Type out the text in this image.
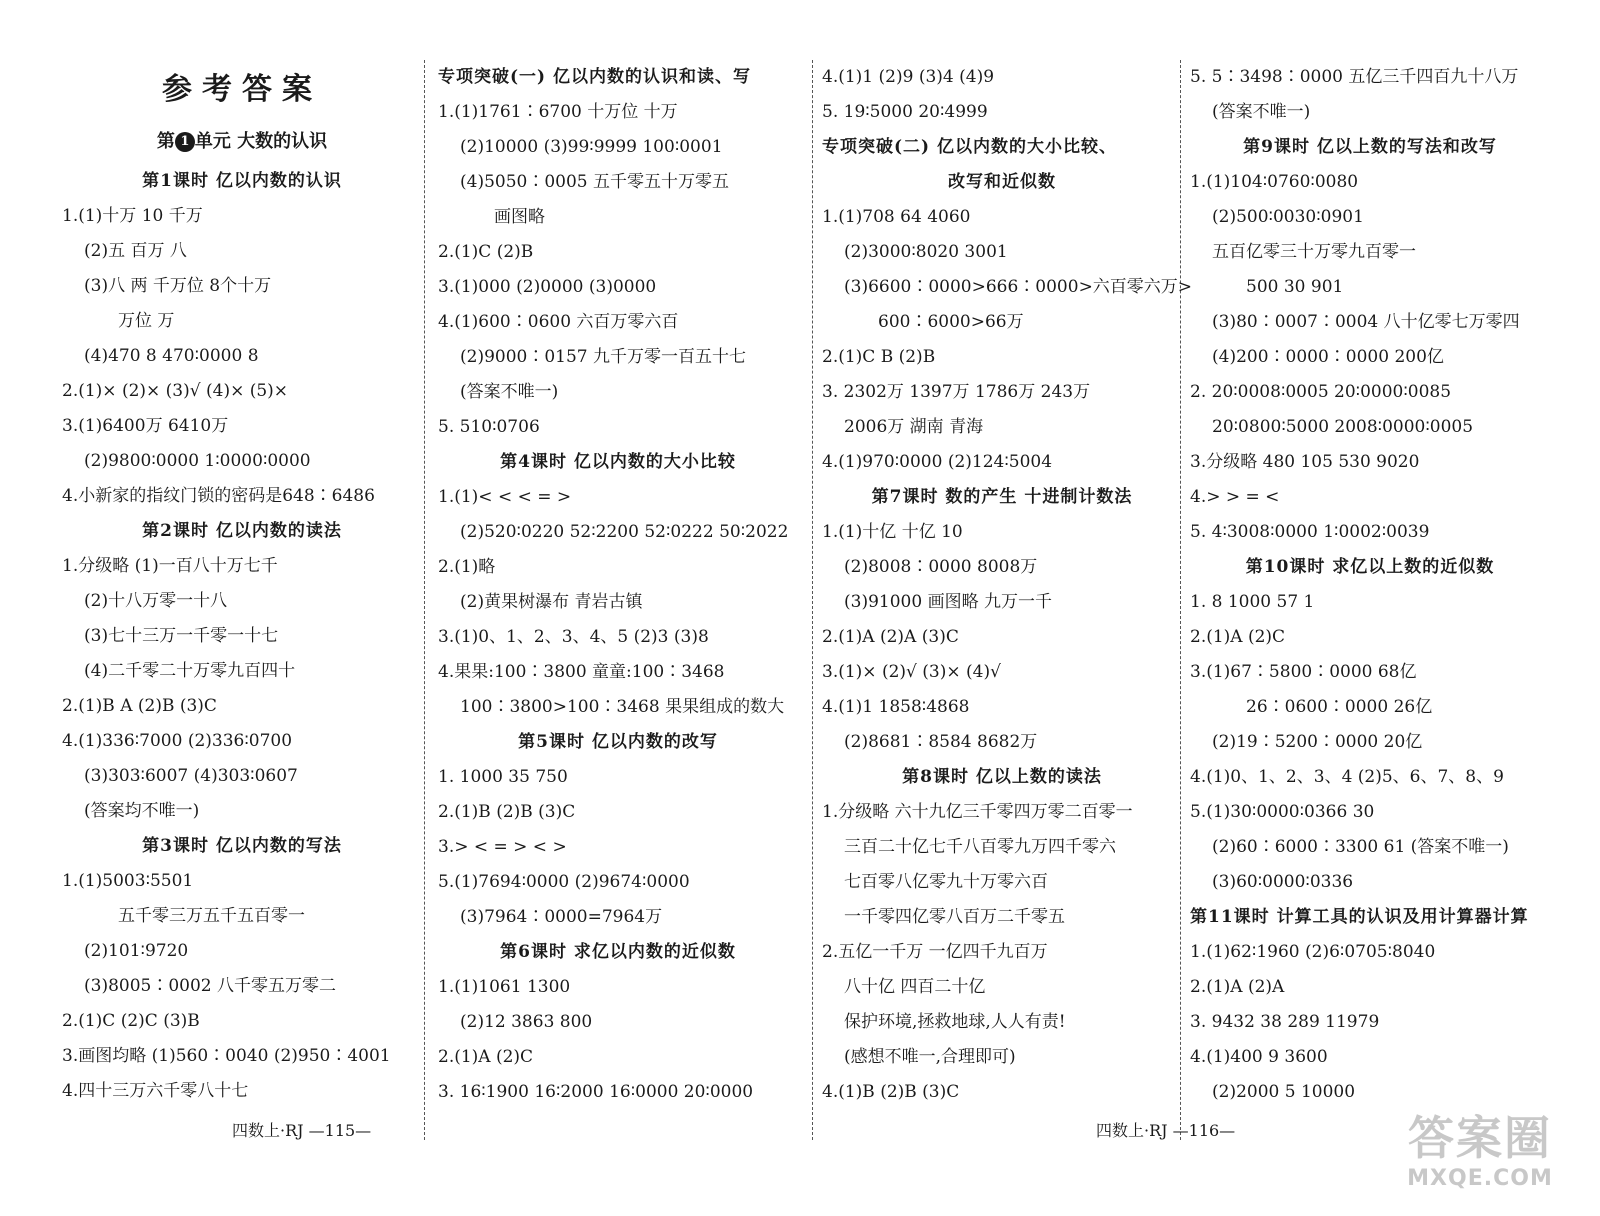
参考答案
第 1 单元 大数的认识
第1课时 亿以内数的认识
1.(1)十万 10 千万
(2)五 百万 八
(3)八 两 千万位 8个十万
万位 万
(4)470 8 470∶0000 8
2.(1)× (2)× (3)√ (4)× (5)×
3.(1)6400万 6410万
(2)9800∶0000 1∶0000∶0000
4.小新家的指纹门锁的密码是648∶6486
第2课时 亿以内数的读法
1.分级略 (1)一百八十万七千
(2)十八万零一十八
(3)七十三万一千零一十七
(4)二千零二十万零九百四十
2.(1)B A (2)B (3)C
4.(1)336∶7000 (2)336∶0700
(3)303∶6007 (4)303∶0607
(答案均不唯一)
第3课时 亿以内数的写法
1.(1)5003∶5501
五千零三万五千五百零一
(2)101∶9720
(3)8005∶0002 八千零五万零二
2.(1)C (2)C (3)B
3.画图均略 (1)560∶0040 (2)950∶4001
4.四十三万六千零八十七
专项突破(一) 亿以内数的认识和读、写
1.(1)1761∶6700 十万位 十万
(2)10000 (3)99∶9999 100∶0001
(4)5050∶0005 五千零五十万零五
画图略
2.(1)C (2)B
3.(1)000 (2)0000 (3)0000
4.(1)600∶0600 六百万零六百
(2)9000∶0157 九千万零一百五十七
(答案不唯一)
5. 510∶0706
第4课时 亿以内数的大小比较
1.(1)< < < = >
(2)520∶0220 52∶2200 52∶0222 50∶2022
2.(1)略
(2)黄果树瀑布 青岩古镇
3.(1)0、1、2、3、4、5 (2)3 (3)8
4.果果:100∶3800 童童:100∶3468
100∶3800>100∶3468 果果组成的数大
第5课时 亿以内数的改写
1. 1000 35 750
2.(1)B (2)B (3)C
3.> < = > < >
5.(1)7694∶0000 (2)9674∶0000
(3)7964∶0000=7964万
第6课时 求亿以内数的近似数
1.(1)1061 1300
(2)12 3863 800
2.(1)A (2)C
3. 16∶1900 16∶2000 16∶0000 20∶0000
4.(1)1 (2)9 (3)4 (4)9
5. 19∶5000 20∶4999
专项突破(二) 亿以内数的大小比较、
改写和近似数
1.(1)708 64 4060
(2)3000∶8020 3001
(3)6600∶0000>666∶0000>六百零六万>
600∶6000>66万
2.(1)C B (2)B
3. 2302万 1397万 1786万 243万
2006万 湖南 青海
4.(1)970∶0000 (2)124∶5004
第7课时 数的产生 十进制计数法
1.(1)十亿 十亿 10
(2)8008∶0000 8008万
(3)91000 画图略 九万一千
2.(1)A (2)A (3)C
3.(1)× (2)√ (3)× (4)√
4.(1)1 1858∶4868
(2)8681∶8584 8682万
第8课时 亿以上数的读法
1.分级略 六十九亿三千零四万零二百零一
三百二十亿七千八百零九万四千零六
七百零八亿零九十万零六百
一千零四亿零八百万二千零五
2.五亿一千万 一亿四千九百万
八十亿 四百二十亿
保护环境,拯救地球,人人有责!
(感想不唯一,合理即可)
4.(1)B (2)B (3)C
5. 5∶3498∶0000 五亿三千四百九十八万
(答案不唯一)
第9课时 亿以上数的写法和改写
1.(1)104∶0760∶0080
(2)500∶0030∶0901
五百亿零三十万零九百零一
500 30 901
(3)80∶0007∶0004 八十亿零七万零四
(4)200∶0000∶0000 200亿
2. 20∶0008∶0005 20∶0000∶0085
20∶0800∶5000 2008∶0000∶0005
3.分级略 480 105 530 9020
4.> > = <
5. 4∶3008∶0000 1∶0002∶0039
第10课时 求亿以上数的近似数
1. 8 1000 57 1
2.(1)A (2)C
3.(1)67∶5800∶0000 68亿
26∶0600∶0000 26亿
(2)19∶5200∶0000 20亿
4.(1)0、1、2、3、4 (2)5、6、7、8、9
5.(1)30∶0000∶0366 30
(2)60∶6000∶3300 61 (答案不唯一)
(3)60∶0000∶0336
第11课时 计算工具的认识及用计算器计算
1.(1)62∶1960 (2)6∶0705∶8040
2.(1)A (2)A
3. 9432 38 289 11979
4.(1)400 9 3600
(2)2000 5 10000
四数上·RJ —115—	四数上·RJ —116—	答案圈
MXQE.COM
